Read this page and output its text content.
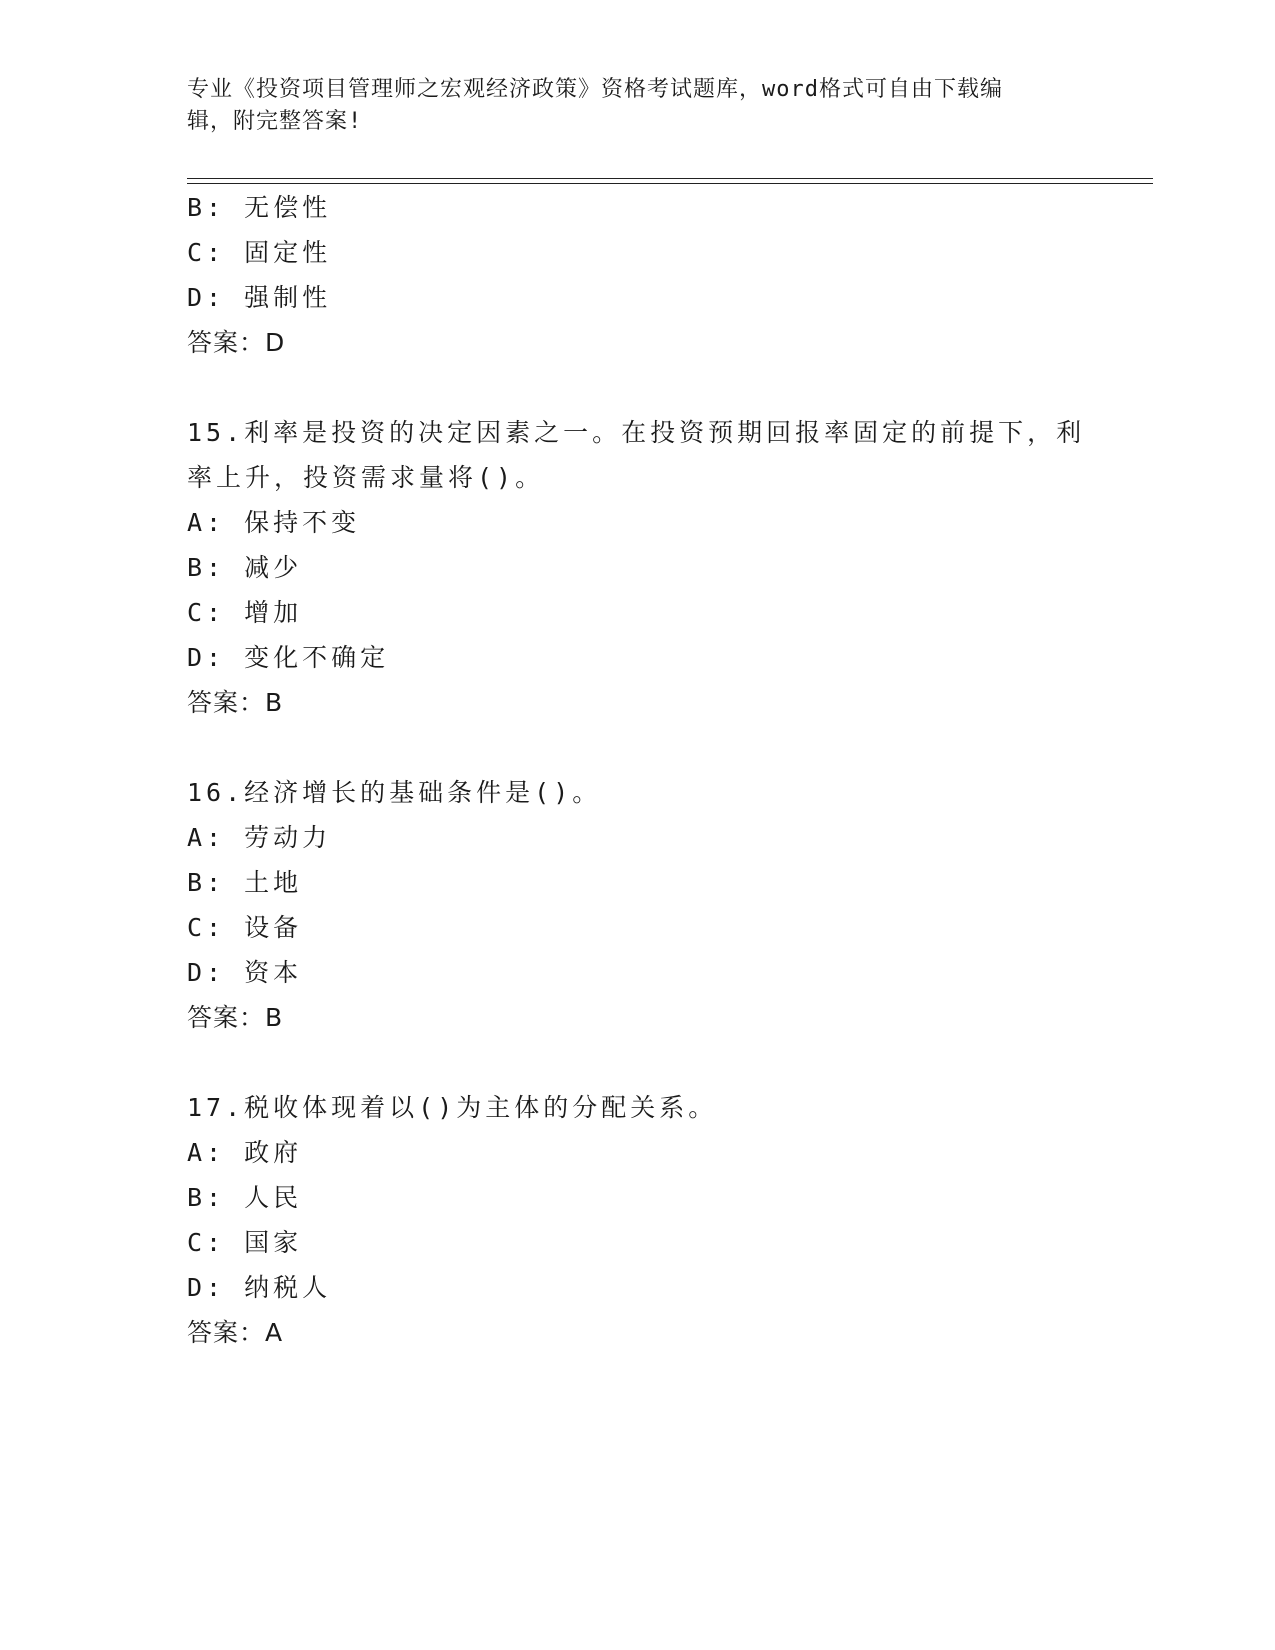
专业《投资项目管理师之宏观经济政策》资格考试题库，word格式可自由下载编
辑，附完整答案!
B: 无偿性
C: 固定性
D: 强制性
答案：D
15.利率是投资的决定因素之一。在投资预期回报率固定的前提下，利
率上升，投资需求量将()。
A: 保持不变
B: 减少
C: 增加
D: 变化不确定
答案：B
16.经济增长的基础条件是()。
A: 劳动力
B: 土地
C: 设备
D: 资本
答案：B
17.税收体现着以()为主体的分配关系。
A: 政府
B: 人民
C: 国家
D: 纳税人
答案：A
